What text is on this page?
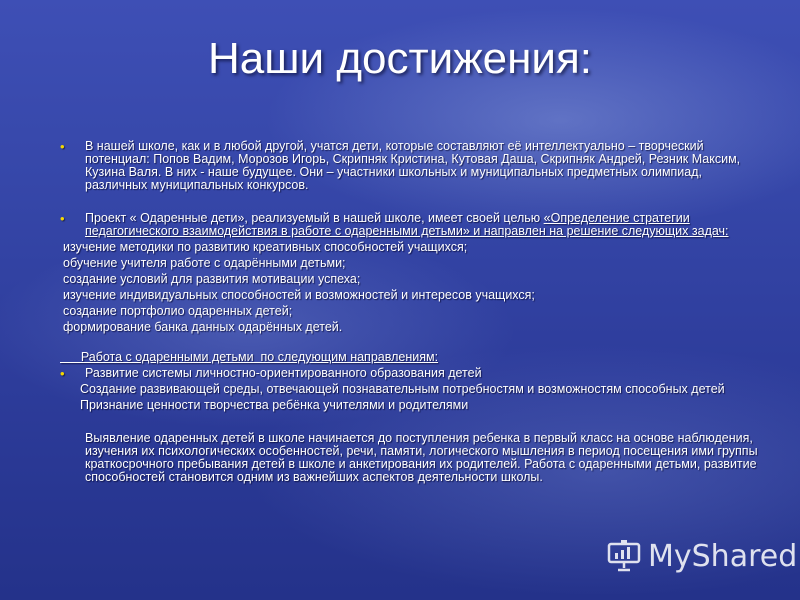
Наши достижения:
• В нашей школе, как и в любой другой, учатся дети, которые составляют её интеллектуально – творческий потенциал: Попов Вадим, Морозов Игорь, Скрипняк Кристина, Кутовая Даша, Скрипняк Андрей, Резник Максим, Кузина Валя. В них - наше будущее. Они – участники школьных и муниципальных предметных олимпиад, различных муниципальных конкурсов.
• Проект « Одаренные дети», реализуемый в нашей школе, имеет своей целью «Определение стратегии педагогического взаимодействия в работе с одаренными детьми» и направлен на решение следующих задач:
изучение методики по развитию креативных способностей учащихся;
обучение учителя работе с одарёнными детьми;
создание условий для развития мотивации успеха;
изучение индивидуальных способностей и возможностей и интересов учащихся;
создание портфолио одаренных детей;
формирование банка данных одарённых детей.
Работа с одаренными детьми  по следующим направлениям:
• Развитие системы личностно-ориентированного образования детей
Создание развивающей среды, отвечающей познавательным потребностям и возможностям способных детей
Признание ценности творчества ребёнка учителями и родителями
Выявление одаренных детей в школе начинается до поступления ребенка в первый класс на основе наблюдения, изучения их психологических особенностей, речи, памяти, логического мышления в период посещения ими группы краткосрочного пребывания детей в школе и анкетирования их родителей. Работа с одаренными детьми, развитие способностей становится одним из важнейших аспектов деятельности школы.
MyShared
